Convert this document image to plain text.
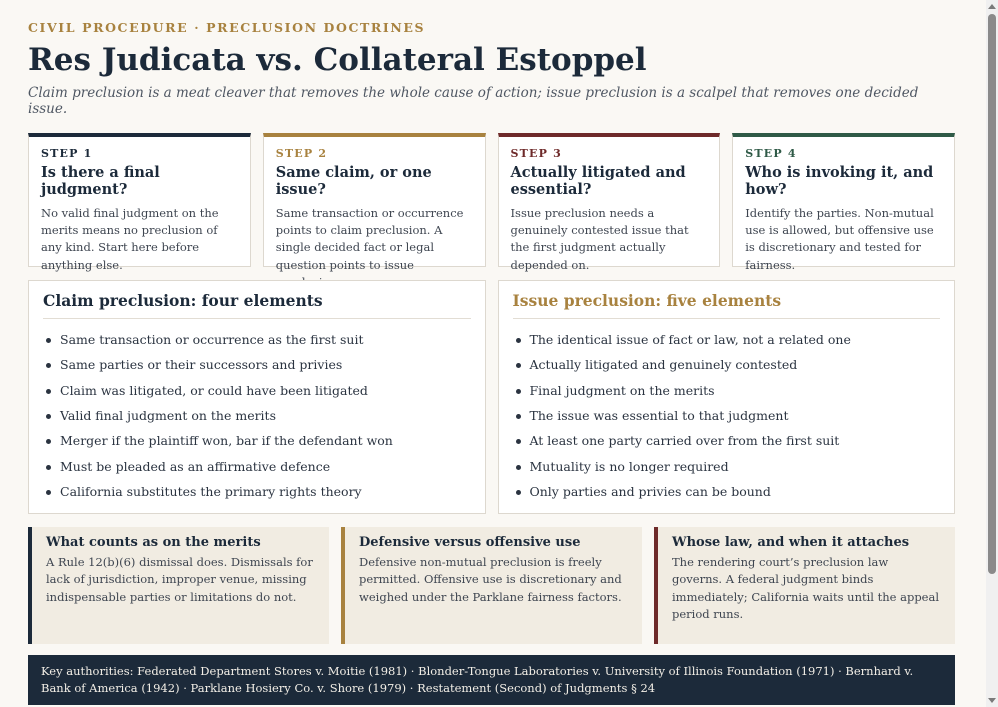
CIVIL PROCEDURE · PRECLUSION DOCTRINES
Res Judicata vs. Collateral Estoppel

Claim preclusion is a meat cleaver that removes the whole cause of action; issue preclusion is a scalpel that removes one decided issue.

STEP 1
Is there a final judgment?
No valid final judgment on the merits means no preclusion of any kind. Start here before anything else.
STEP 2
Same claim, or one issue?
Same transaction or occurrence points to claim preclusion. A single decided fact or legal question points to issue
STEP 3
Actually litigated and essential?
Issue preclusion needs a genuinely contested issue that the first judgment actually depended on.
STEP 4
Who is invoking it, and how?
Identify the parties. Non-mutual use is allowed, but offensive use is discretionary and tested for fairness.
Claim preclusion: four elements
Same transaction or occurrence as the first suit
Same parties or their successors and privies
Claim was litigated, or could have been litigated
Valid final judgment on the merits
Merger if the plaintiff won, bar if the defendant won
Must be pleaded as an affirmative defence
California substitutes the primary rights theory
Issue preclusion: five elements
The identical issue of fact or law, not a related one
Actually litigated and genuinely contested
Final judgment on the merits
The issue was essential to that judgment
At least one party carried over from the first suit
Mutuality is no longer required
Only parties and privies can be bound
What counts as on the merits
A Rule 12(b)(6) dismissal does. Dismissals for lack of jurisdiction, improper venue, missing indispensable parties or limitations do not.
Defensive versus offensive use
Defensive non-mutual preclusion is freely permitted. Offensive use is discretionary and weighed under the Parklane fairness factors.
Whose law, and when it attaches
The rendering court’s preclusion law governs. A federal judgment binds immediately; California waits until the appeal period runs.
Key authorities: Federated Department Stores v. Moitie (1981) · Blonder-Tongue Laboratories v. University of Illinois Foundation (1971) · Bernhard v. Bank of America (1942) · Parklane Hosiery Co. v. Shore (1979) · Restatement (Second) of Judgments § 24
